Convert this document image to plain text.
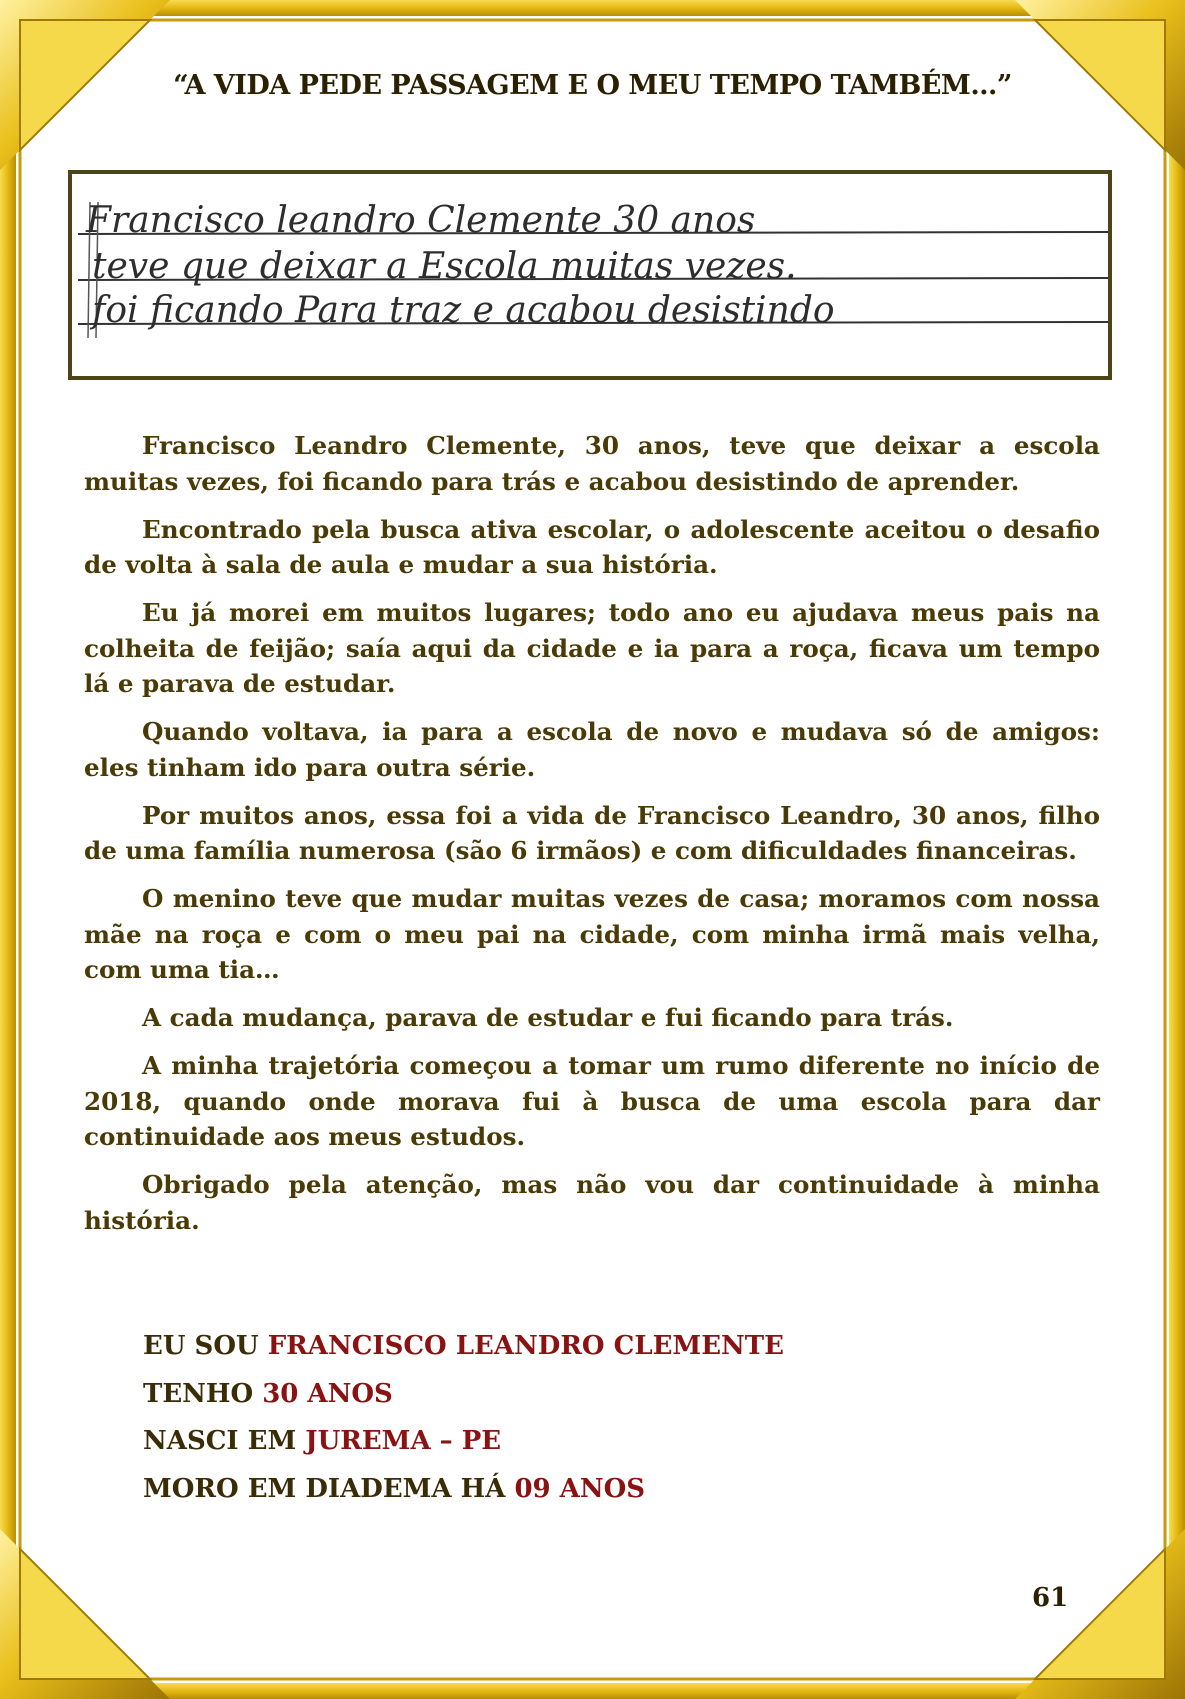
“A VIDA PEDE PASSAGEM E O MEU TEMPO TAMBÉM…”
Francisco leandro Clemente 30 anos
teve que deixar a Escola muitas vezes.
foi ficando Para traz e acabou desistindo

Francisco Leandro Clemente, 30 anos, teve que deixar a escola muitas vezes, foi ficando para trás e acabou desistindo de aprender.

Encontrado pela busca ativa escolar, o adolescente aceitou o desafio de volta à sala de aula e mudar a sua história.

Eu já morei em muitos lugares; todo ano eu ajudava meus pais na colheita de feijão; saía aqui da cidade e ia para a roça, ficava um tempo lá e parava de estudar.

Quando voltava, ia para a escola de novo e mudava só de amigos: eles tinham ido para outra série.

Por muitos anos, essa foi a vida de Francisco Leandro, 30 anos, filho de uma família numerosa (são 6 irmãos) e com dificuldades financeiras.

O menino teve que mudar muitas vezes de casa; moramos com nossa mãe na roça e com o meu pai na cidade, com minha irmã mais velha, com uma tia…

A cada mudança, parava de estudar e fui ficando para trás.

A minha trajetória começou a tomar um rumo diferente no início de 2018, quando onde morava fui à busca de uma escola para dar continuidade aos meus estudos.

Obrigado pela atenção, mas não vou dar continuidade à minha história.

EU SOU FRANCISCO LEANDRO CLEMENTE
TENHO 30 ANOS
NASCI EM JUREMA – PE
MORO EM DIADEMA HÁ 09 ANOS
61
